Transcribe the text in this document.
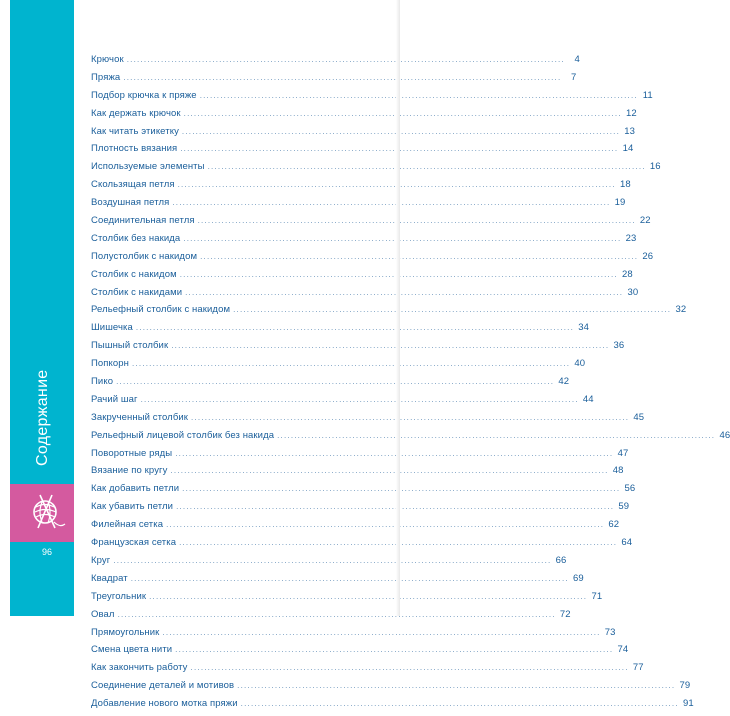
Содержание
96
Крючок .....	4
Пряжа .....	7
Подбор крючка к пряже .....	11
Как держать крючок .....	12
Как читать этикетку .....	13
Плотность вязания .....	14
Используемые элементы .....	16
Скользящая петля .....	18
Воздушная петля .....	19
Соединительная петля .....	22
Столбик без накида .....	23
Полустолбик с накидом .....	26
Столбик с накидом .....	28
Столбик с накидами .....	30
Рельефный столбик с накидом .....	32
Шишечка .....	34
Пышный столбик .....	36
Попкорн .....	40
Пико .....	42
Рачий шаг .....	44
Закрученный столбик .....	45
Рельефный лицевой столбик без накида .....	46
Поворотные ряды .....	47
Вязание по кругу .....	48
Как добавить петли .....	56
Как убавить петли .....	59
Филейная сетка .....	62
Французская сетка .....	64
Круг .....	66
Квадрат .....	69
Треугольник .....	71
Овал .....	72
Прямоугольник .....	73
Смена цвета нити .....	74
Как закончить работу .....	77
Соединение деталей и мотивов .....	79
Добавление нового мотка пряжи .....	91
